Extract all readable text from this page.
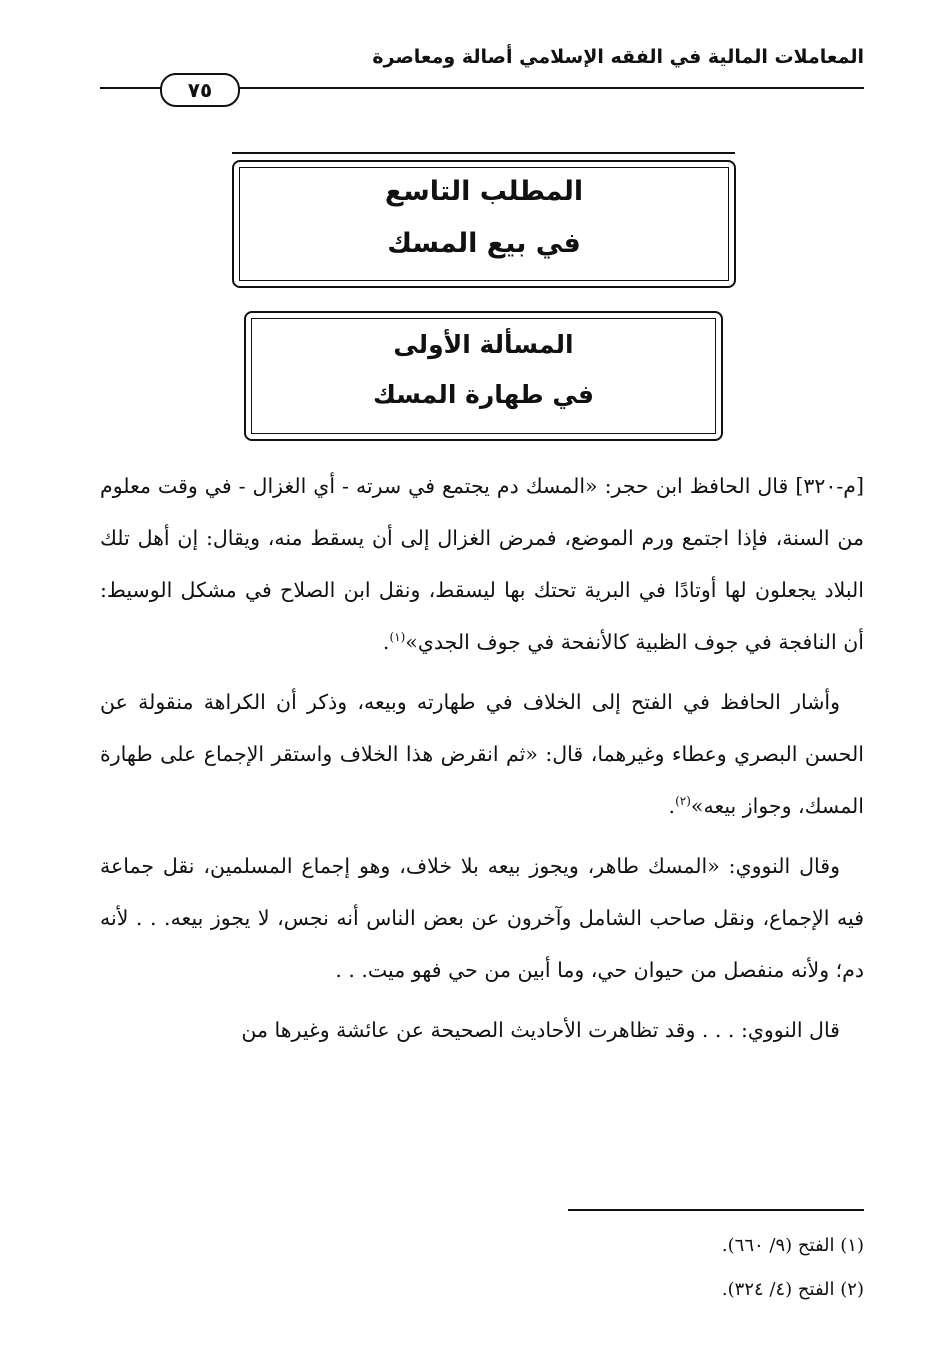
المعاملات المالية في الفقه الإسلامي أصالة ومعاصرة
٧٥
المطلب التاسع
في بيع المسك
المسألة الأولى
في طهارة المسك

[م-٣٢٠] قال الحافظ ابن حجر: «المسك دم يجتمع في سرته - أي الغزال - في وقت معلوم من السنة، فإذا اجتمع ورم الموضع، فمرض الغزال إلى أن يسقط منه، ويقال: إن أهل تلك البلاد يجعلون لها أوتادًا في البرية تحتك بها ليسقط، ونقل ابن الصلاح في مشكل الوسيط: أن النافجة في جوف الظبية كالأنفحة في جوف الجدي»$^{(١)}$.

وأشار الحافظ في الفتح إلى الخلاف في طهارته وبيعه، وذكر أن الكراهة منقولة عن الحسن البصري وعطاء وغيرهما، قال: «ثم انقرض هذا الخلاف واستقر الإجماع على طهارة المسك، وجواز بيعه»$^{(٢)}$.

وقال النووي: «المسك طاهر، ويجوز بيعه بلا خلاف، وهو إجماع المسلمين، نقل جماعة فيه الإجماع، ونقل صاحب الشامل وآخرون عن بعض الناس أنه نجس، لا يجوز بيعه. . . لأنه دم؛ ولأنه منفصل من حيوان حي، وما أبين من حي فهو ميت. . .

قال النووي: . . . وقد تظاهرت الأحاديث الصحيحة عن عائشة وغيرها من

(١) الفتح (٩/ ٦٦٠).
(٢) الفتح (٤/ ٣٢٤).
